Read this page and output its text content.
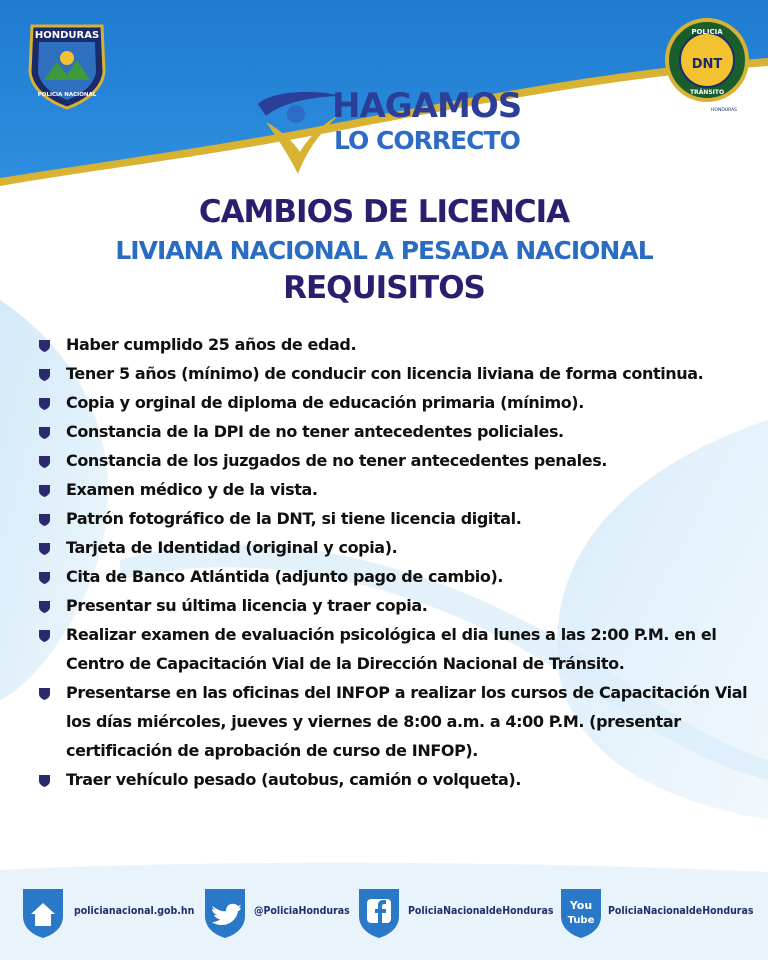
HONDURAS
POLICIA NACIONAL
POLICIA
DNT
TRÁNSITO
HONDURAS
HAGAMOS
LO CORRECTO
CAMBIOS DE LICENCIA
LIVIANA NACIONAL A PESADA NACIONAL
REQUISITOS
Haber cumplido 25 años de edad.
Tener 5 años (mínimo) de conducir con licencia liviana de forma continua.
Copia y orginal de diploma de educación primaria (mínimo).
Constancia de la DPI de no tener antecedentes policiales.
Constancia de los juzgados de no tener antecedentes penales.
Examen médico y de la vista.
Patrón fotográfico de la DNT, si tiene licencia digital.
Tarjeta de Identidad (original y copia).
Cita de Banco Atlántida (adjunto pago de cambio).
Presentar su última licencia y traer copia.
Realizar examen de evaluación psicológica el dia lunes a las 2:00 P.M. en el Centro de Capacitación Vial de la Dirección Nacional de Tránsito.
Presentarse en las oficinas del INFOP a realizar los cursos de Capacitación Vial los días miércoles, jueves y viernes de 8:00 a.m. a 4:00 P.M. (presentar certificación de aprobación de curso de INFOP).
Traer vehículo pesado (autobus, camión o volqueta).
policianacional.gob.hn	@PoliciaHonduras	PoliciaNacionaldeHonduras You
Tube
PoliciaNacionaldeHonduras
